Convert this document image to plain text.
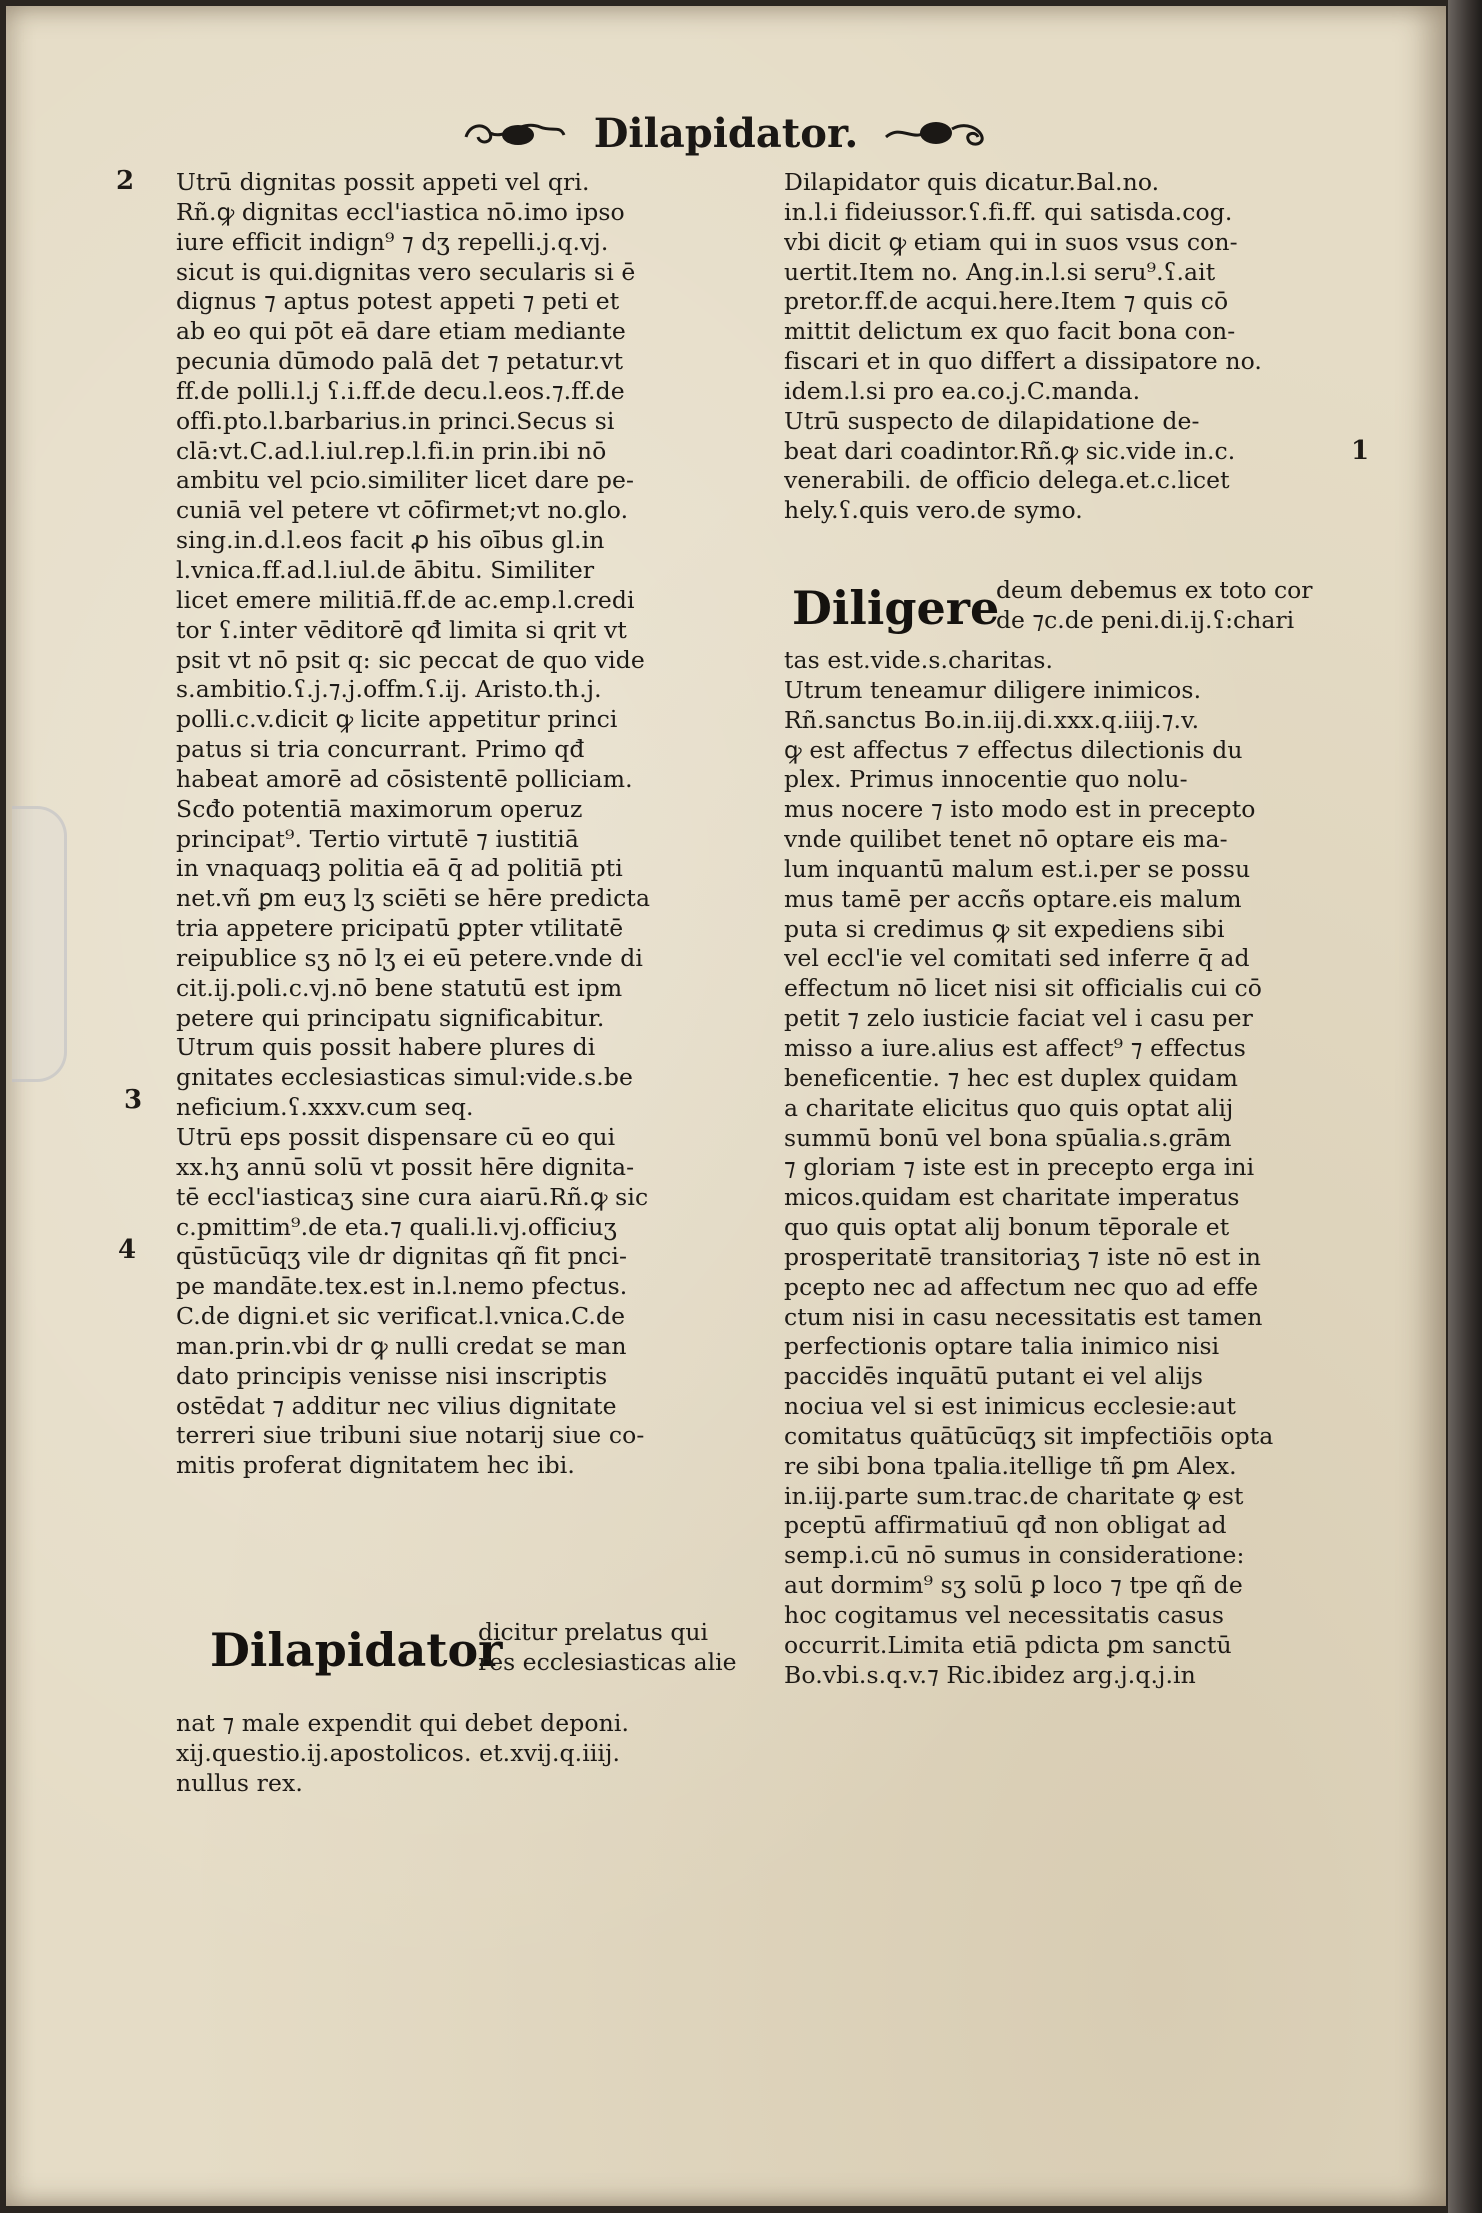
Dilapidator.
2
3
4
1
Utrū dignitas possit appeti vel qri.
Rñ.ꝙ dignitas eccl'iastica nō.imo ipso
iure efficit indign⁹ ⁊ dʒ repelli.j.q.vj.
sicut is qui.dignitas vero secularis si ē
dignus ⁊ aptus potest appeti ⁊ peti et
ab eo qui pōt eā dare etiam mediante
pecunia dūmodo palā det ⁊ petatur.vt
ff.de polli.l.j ʕ.i.ff.de decu.l.eos.⁊.ff.de
offi.pto.l.barbarius.in princi.Secus si
clā:vt.C.ad.l.iul.rep.l.fi.in prin.ibi nō
ambitu vel pcio.similiter licet dare pe-
cuniā vel petere vt cōfirmet;vt no.glo.
sing.in.d.l.eos facit ꝓ his oībus gl.in
l.vnica.ff.ad.l.iul.de ābitu. Similiter
licet emere militiā.ff.de ac.emp.l.credi
tor ʕ.inter vēditorē qđ limita si qrit vt
psit vt nō psit q: sic peccat de quo vide
s.ambitio.ʕ.j.⁊.j.offm.ʕ.ij. Aristo.th.j.
polli.c.v.dicit ꝙ licite appetitur princi
patus si tria concurrant. Primo qđ
habeat amorē ad cōsistentē polliciam.
Scđo potentiā maximorum operuz
principat⁹. Tertio virtutē ⁊ iustitiā
in vnaquaqꝫ politia eā q̄ ad politiā pti
net.vñ ꝑm euʒ lʒ sciēti se hēre predicta
tria appetere pricipatū ꝑpter vtilitatē
reipublice sʒ nō lʒ ei eū petere.vnde di
cit.ij.poli.c.vj.nō bene statutū est ipm
petere qui principatu significabitur.
Utrum quis possit habere plures di
gnitates ecclesiasticas simul:vide.s.be
neficium.ʕ.xxxv.cum seq.
Utrū eps possit dispensare cū eo qui
xx.hʒ annū solū vt possit hēre dignita-
tē eccl'iasticaʒ sine cura aiarū.Rñ.ꝙ sic
c.pmittim⁹.de eta.⁊ quali.li.vj.officiuʒ
qūstūcūqʒ vile dr dignitas qñ fit pnci-
pe mandāte.tex.est in.l.nemo pfectus.
C.de digni.et sic verificat.l.vnica.C.de
man.prin.vbi dr ꝙ nulli credat se man
dato principis venisse nisi inscriptis
ostēdat ⁊ additur nec vilius dignitate
terreri siue tribuni siue notarij siue co-
mitis proferat dignitatem hec ibi.
Dilapidator
dicitur prelatus qui
res ecclesiasticas alie
nat ⁊ male expendit qui debet deponi.
xij.questio.ij.apostolicos. et.xvij.q.iiij.
nullus rex.
Dilapidator quis dicatur.Bal.no.
in.l.i fideiussor.ʕ.fi.ff. qui satisda.cog.
vbi dicit ꝙ etiam qui in suos vsus con-
uertit.Item no. Ang.in.l.si seru⁹.ʕ.ait
pretor.ff.de acqui.here.Item ⁊ quis cō
mittit delictum ex quo facit bona con-
fiscari et in quo differt a dissipatore no.
idem.l.si pro ea.co.j.C.manda.
Utrū suspecto de dilapidatione de-
beat dari coadintor.Rñ.ꝙ sic.vide in.c.
venerabili. de officio delega.et.c.licet
hely.ʕ.quis vero.de symo.
Diligere
deum debemus ex toto cor
de ⁊c.de peni.di.ij.ʕ:chari
tas est.vide.s.charitas.
Utrum teneamur diligere inimicos.
Rñ.sanctus Bo.in.iij.di.xxx.q.iiij.⁊.v.
ꝙ est affectus ⁊ effectus dilectionis du
plex. Primus innocentie quo nolu-
mus nocere ⁊ isto modo est in precepto
vnde quilibet tenet nō optare eis ma-
lum inquantū malum est.i.per se possu
mus tamē per accñs optare.eis malum
puta si credimus ꝙ sit expediens sibi
vel eccl'ie vel comitati sed inferre q̄ ad
effectum nō licet nisi sit officialis cui cō
petit ⁊ zelo iusticie faciat vel i casu per
misso a iure.alius est affect⁹ ⁊ effectus
beneficentie. ⁊ hec est duplex quidam
a charitate elicitus quo quis optat alij
summū bonū vel bona spūalia.s.grām
⁊ gloriam ⁊ iste est in precepto erga ini
micos.quidam est charitate imperatus
quo quis optat alij bonum tēporale et
prosperitatē transitoriaʒ ⁊ iste nō est in
pcepto nec ad affectum nec quo ad effe
ctum nisi in casu necessitatis est tamen
perfectionis optare talia inimico nisi
paccidēs inquātū putant ei vel alijs
nociua vel si est inimicus ecclesie:aut
comitatus quātūcūqʒ sit impfectiōis opta
re sibi bona tpalia.itellige tñ ꝑm Alex.
in.iij.parte sum.trac.de charitate ꝙ est
pceptū affirmatiuū qđ non obligat ad
semp.i.cū nō sumus in consideratione:
aut dormim⁹ sʒ solū ꝑ loco ⁊ tpe qñ de
hoc cogitamus vel necessitatis casus
occurrit.Limita etiā pdicta ꝑm sanctū
Bo.vbi.s.q.v.⁊ Ric.ibidez arg.j.q.j.in
